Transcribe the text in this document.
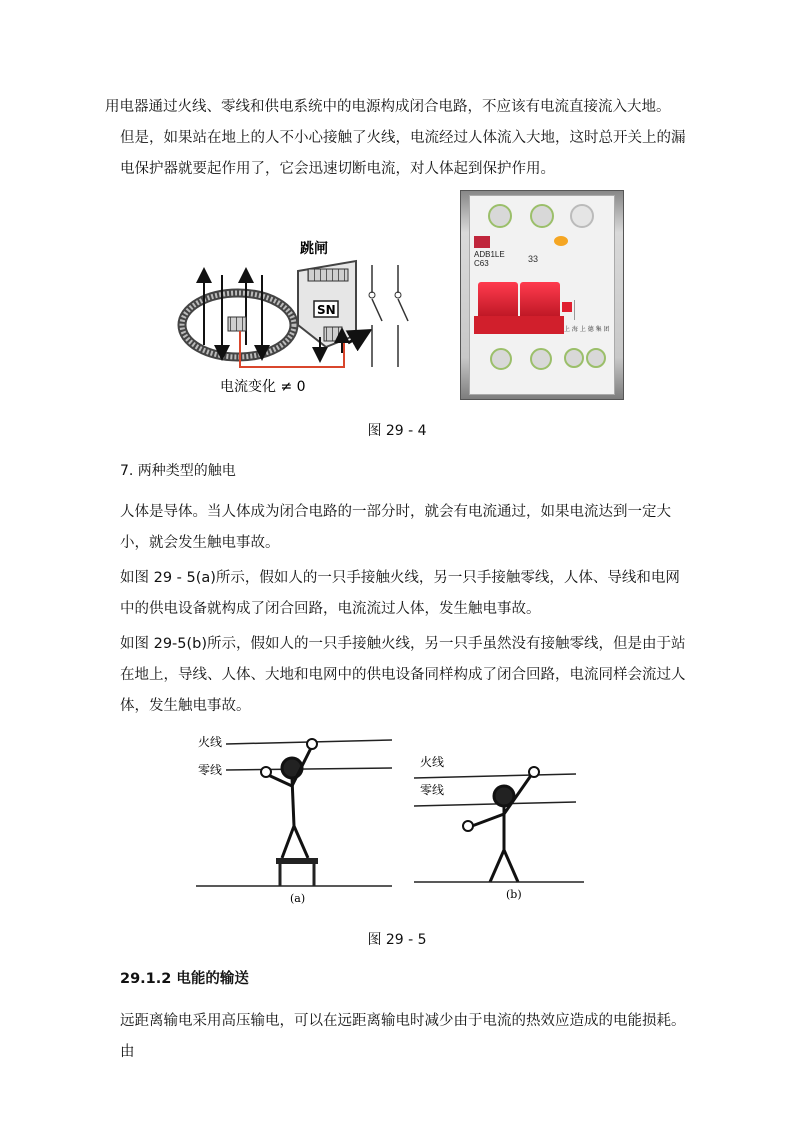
用电器通过火线、零线和供电系统中的电源构成闭合电路，不应该有电流直接流入大地。 但是，如果站在地上的人不小心接触了火线，电流经过人体流入大地，这时总开关上的漏电保护器就要起作用了，它会迅速切断电流，对人体起到保护作用。

跳闸
SN
电流变化 ≠ 0
ADB1LE
C63	33
上 海 上 德 集 团
图 29 - 4
7. 两种类型的触电

人体是导体。当人体成为闭合电路的一部分时，就会有电流通过，如果电流达到一定大 小，就会发生触电事故。

如图 29 - 5(a)所示，假如人的一只手接触火线，另一只手接触零线，人体、导线和电网中的供电设备就构成了闭合回路，电流流过人体，发生触电事故。

如图 29-5(b)所示，假如人的一只手接触火线，另一只手虽然没有接触零线，但是由于站在地上，导线、人体、大地和电网中的供电设备同样构成了闭合回路，电流同样会流过人体，发生触电事故。

火线
零线
(a)
火线
零线
(b)
图 29 - 5
29.1.2 电能的输送

远距离输电采用高压输电，可以在远距离输电时减少由于电流的热效应造成的电能损耗。由
